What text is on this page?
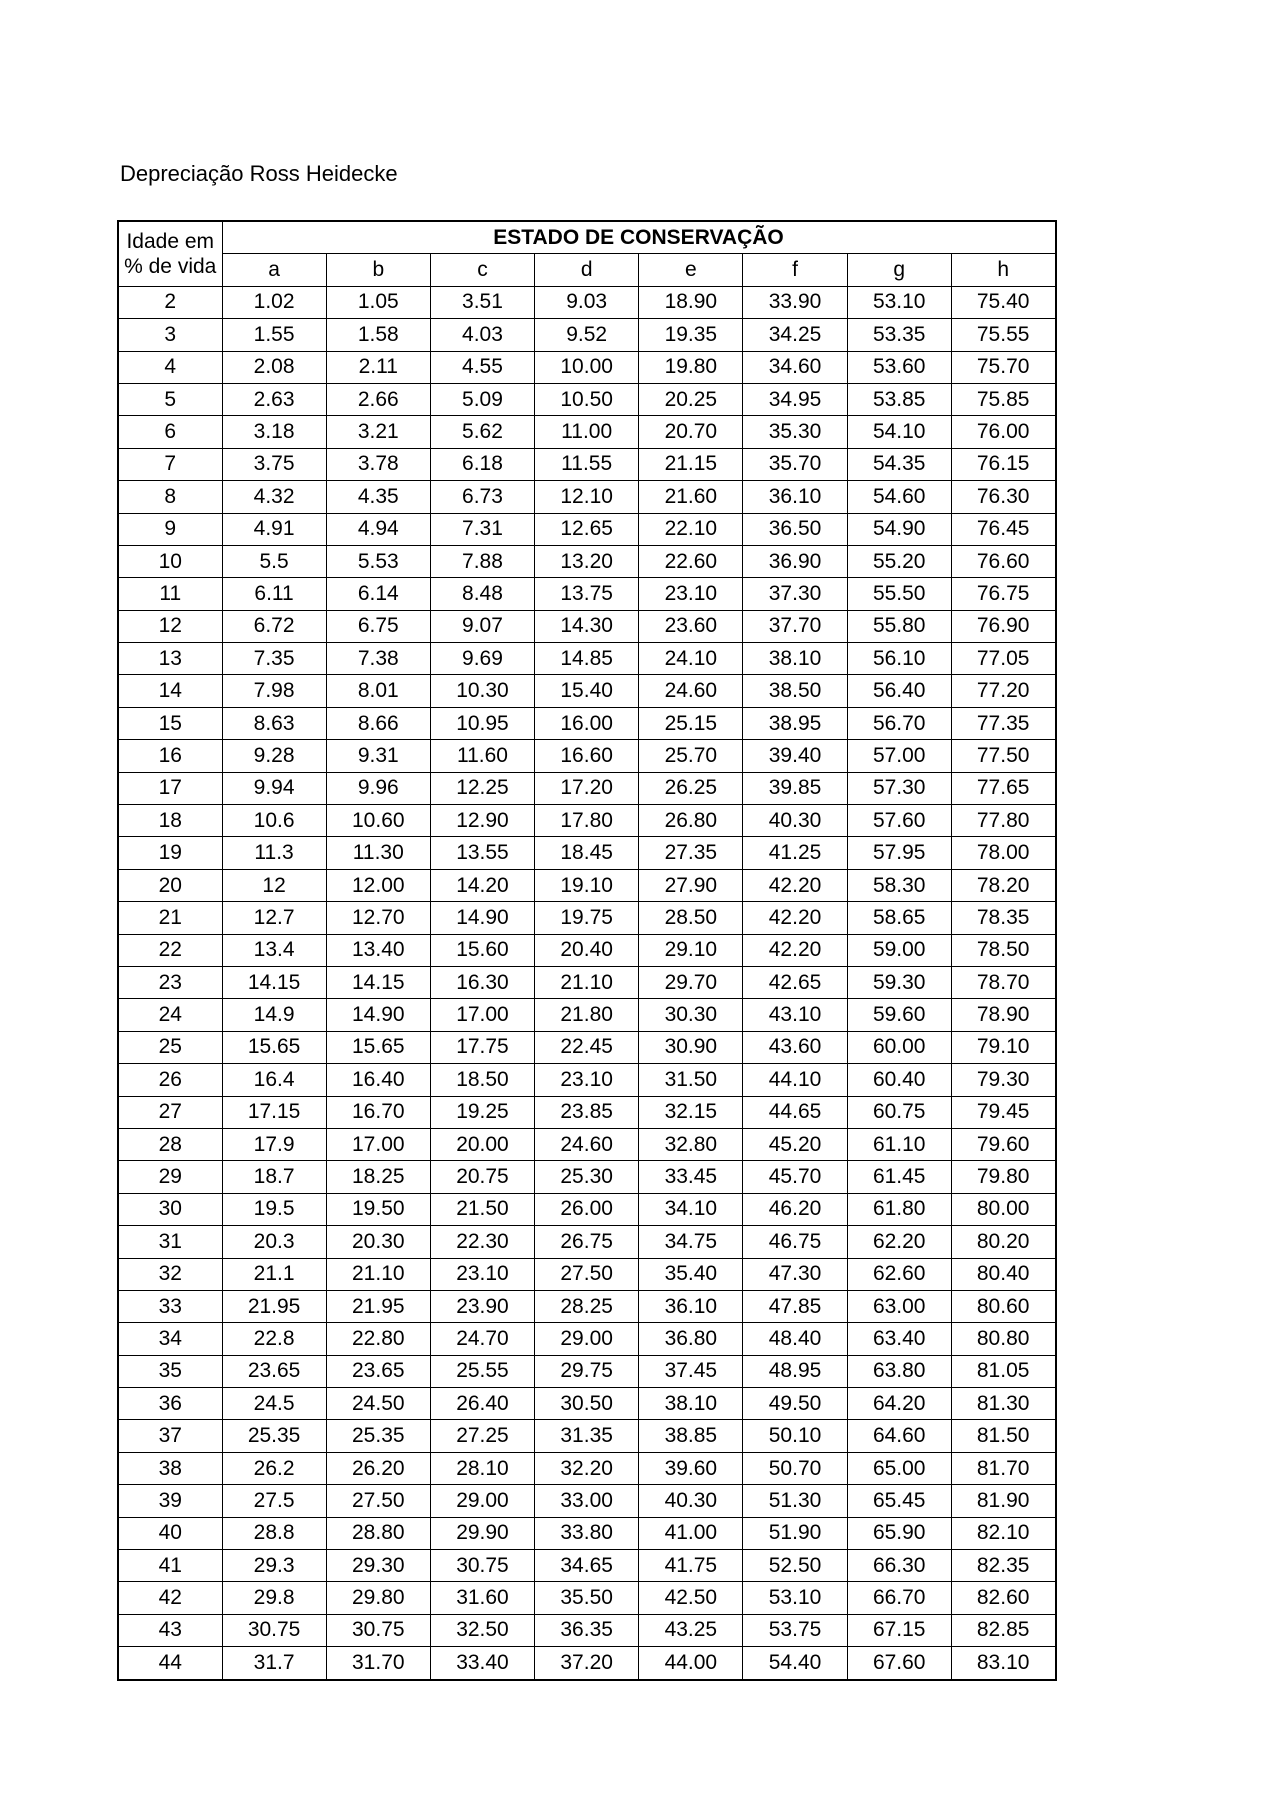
Depreciação Ross Heidecke
Idade em % de vida	ESTADO DE CONSERVAÇÃO							
	a	b	c	d	e	f	g	h
2	1.02	1.05	3.51	9.03	18.90	33.90	53.10	75.40
3	1.55	1.58	4.03	9.52	19.35	34.25	53.35	75.55
4	2.08	2.11	4.55	10.00	19.80	34.60	53.60	75.70
5	2.63	2.66	5.09	10.50	20.25	34.95	53.85	75.85
6	3.18	3.21	5.62	11.00	20.70	35.30	54.10	76.00
7	3.75	3.78	6.18	11.55	21.15	35.70	54.35	76.15
8	4.32	4.35	6.73	12.10	21.60	36.10	54.60	76.30
9	4.91	4.94	7.31	12.65	22.10	36.50	54.90	76.45
10	5.5	5.53	7.88	13.20	22.60	36.90	55.20	76.60
11	6.11	6.14	8.48	13.75	23.10	37.30	55.50	76.75
12	6.72	6.75	9.07	14.30	23.60	37.70	55.80	76.90
13	7.35	7.38	9.69	14.85	24.10	38.10	56.10	77.05
14	7.98	8.01	10.30	15.40	24.60	38.50	56.40	77.20
15	8.63	8.66	10.95	16.00	25.15	38.95	56.70	77.35
16	9.28	9.31	11.60	16.60	25.70	39.40	57.00	77.50
17	9.94	9.96	12.25	17.20	26.25	39.85	57.30	77.65
18	10.6	10.60	12.90	17.80	26.80	40.30	57.60	77.80
19	11.3	11.30	13.55	18.45	27.35	41.25	57.95	78.00
20	12	12.00	14.20	19.10	27.90	42.20	58.30	78.20
21	12.7	12.70	14.90	19.75	28.50	42.20	58.65	78.35
22	13.4	13.40	15.60	20.40	29.10	42.20	59.00	78.50
23	14.15	14.15	16.30	21.10	29.70	42.65	59.30	78.70
24	14.9	14.90	17.00	21.80	30.30	43.10	59.60	78.90
25	15.65	15.65	17.75	22.45	30.90	43.60	60.00	79.10
26	16.4	16.40	18.50	23.10	31.50	44.10	60.40	79.30
27	17.15	16.70	19.25	23.85	32.15	44.65	60.75	79.45
28	17.9	17.00	20.00	24.60	32.80	45.20	61.10	79.60
29	18.7	18.25	20.75	25.30	33.45	45.70	61.45	79.80
30	19.5	19.50	21.50	26.00	34.10	46.20	61.80	80.00
31	20.3	20.30	22.30	26.75	34.75	46.75	62.20	80.20
32	21.1	21.10	23.10	27.50	35.40	47.30	62.60	80.40
33	21.95	21.95	23.90	28.25	36.10	47.85	63.00	80.60
34	22.8	22.80	24.70	29.00	36.80	48.40	63.40	80.80
35	23.65	23.65	25.55	29.75	37.45	48.95	63.80	81.05
36	24.5	24.50	26.40	30.50	38.10	49.50	64.20	81.30
37	25.35	25.35	27.25	31.35	38.85	50.10	64.60	81.50
38	26.2	26.20	28.10	32.20	39.60	50.70	65.00	81.70
39	27.5	27.50	29.00	33.00	40.30	51.30	65.45	81.90
40	28.8	28.80	29.90	33.80	41.00	51.90	65.90	82.10
41	29.3	29.30	30.75	34.65	41.75	52.50	66.30	82.35
42	29.8	29.80	31.60	35.50	42.50	53.10	66.70	82.60
43	30.75	30.75	32.50	36.35	43.25	53.75	67.15	82.85
44	31.7	31.70	33.40	37.20	44.00	54.40	67.60	83.10
